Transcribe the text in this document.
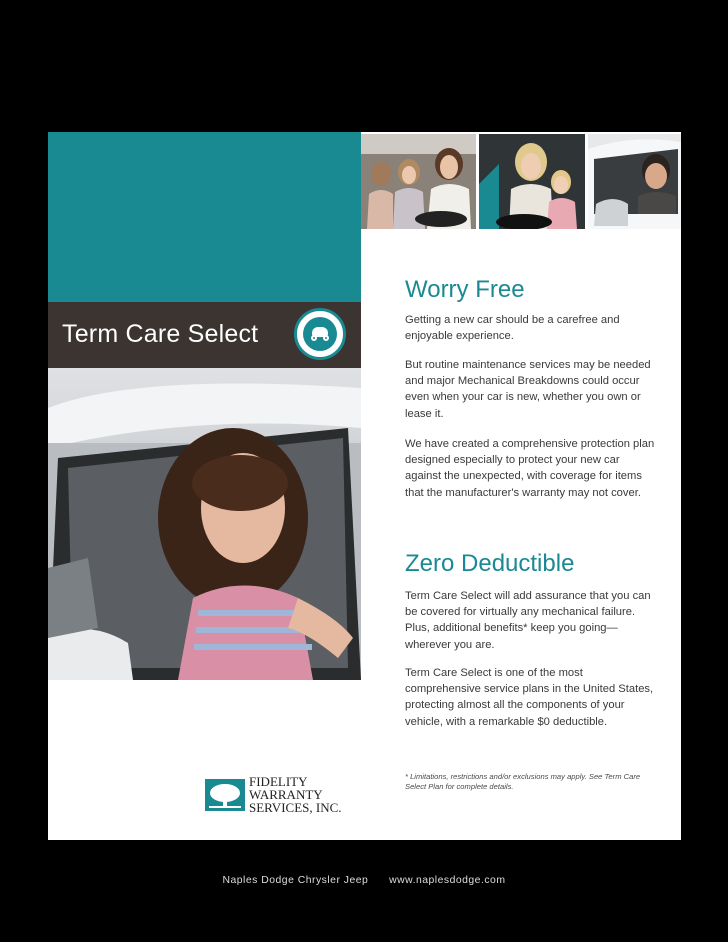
Term Care Select
Worry Free

Getting a new car should be a carefree and enjoyable experience.

But routine maintenance services may be needed and major Mechanical Breakdowns could occur even when your car is new, whether you own or lease it.

We have created a comprehensive protection plan designed especially to protect your new car against the unexpected, with coverage for items that the manufacturer's warranty may not cover.

Zero Deductible

Term Care Select will add assurance that you can be covered for virtually any mechanical failure. Plus, additional benefits* keep you going—wherever you are.

Term Care Select is one of the most comprehensive service plans in the United States, protecting almost all the components of your vehicle, with a remarkable $0 deductible.

* Limitations, restrictions and/or exclusions may apply. See Term Care Select Plan for complete details.

FIDELITY
WARRANTY
SERVICES, INC.
Naples Dodge Chrysler Jeep www.naplesdodge.com
